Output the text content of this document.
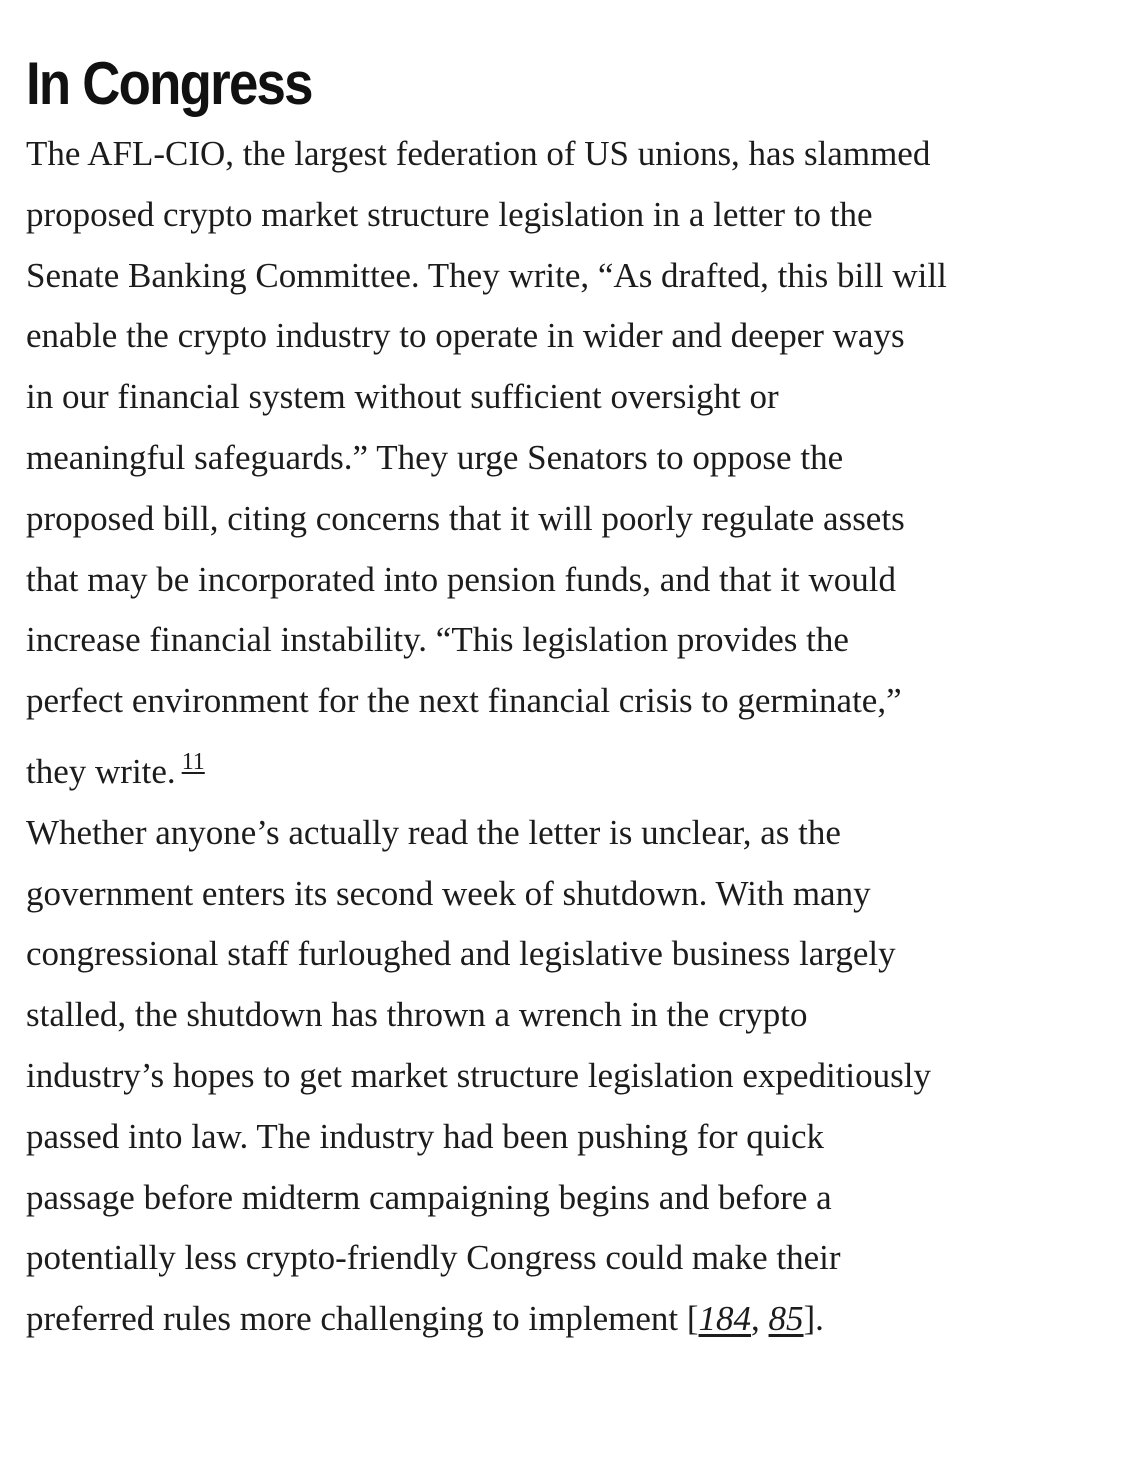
In Congress

The AFL-CIO, the largest federation of US unions, has slammed
proposed crypto market structure legislation in a letter to the
Senate Banking Committee. They write, “As drafted, this bill will
enable the crypto industry to operate in wider and deeper ways
in our financial system without sufficient oversight or
meaningful safeguards.” They urge Senators to oppose the
proposed bill, citing concerns that it will poorly regulate assets
that may be incorporated into pension funds, and that it would
increase financial instability. “This legislation provides the
perfect environment for the next financial crisis to germinate,”
they write. $^{11}$

Whether anyone’s actually read the letter is unclear, as the
government enters its second week of shutdown. With many
congressional staff furloughed and legislative business largely
stalled, the shutdown has thrown a wrench in the crypto
industry’s hopes to get market structure legislation expeditiously
passed into law. The industry had been pushing for quick
passage before midterm campaigning begins and before a
potentially less crypto-friendly Congress could make their
preferred rules more challenging to implement [184, 85].
